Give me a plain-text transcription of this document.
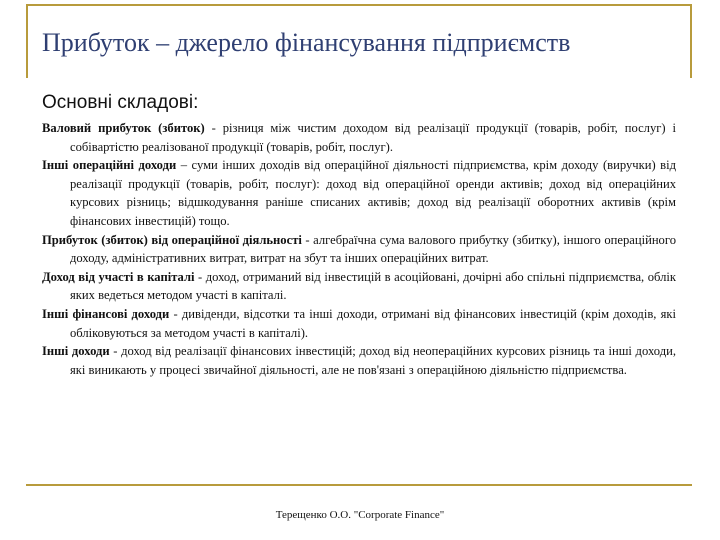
Прибуток – джерело фінансування підприємств
Основні складові:

Валовий прибуток (збиток) - різниця між чистим доходом від реалізації продукції (товарів, робіт, послуг) і собівартістю реалізованої продукції (товарів, робіт, послуг).

Інші операційні доходи – суми інших доходів від операційної діяльності підприємства, крім доходу (виручки) від реалізації продукції (товарів, робіт, послуг): доход від операційної оренди активів; доход від операційних курсових різниць; відшкодування раніше списаних активів; доход від реалізації оборотних активів (крім фінансових інвестицій) тощо.

Прибуток (збиток) від операційної діяльності - алгебраїчна сума валового прибутку (збитку), іншого операційного доходу, адміністративних витрат, витрат на збут та інших операційних витрат.

Доход від участі в капіталі - доход, отриманий від інвестицій в асоційовані, дочірні або спільні підприємства, облік яких ведеться методом участі в капіталі.

Інші фінансові доходи - дивіденди, відсотки та інші доходи, отримані від фінансових інвестицій (крім доходів, які обліковуються за методом участі в капіталі).

Інші доходи - доход від реалізації фінансових інвестицій; доход від неопераційних курсових різниць та інші доходи, які виникають у процесі звичайної діяльності, але не пов'язані з операційною діяльністю підприємства.

Терещенко О.О. "Corporate Finance"
